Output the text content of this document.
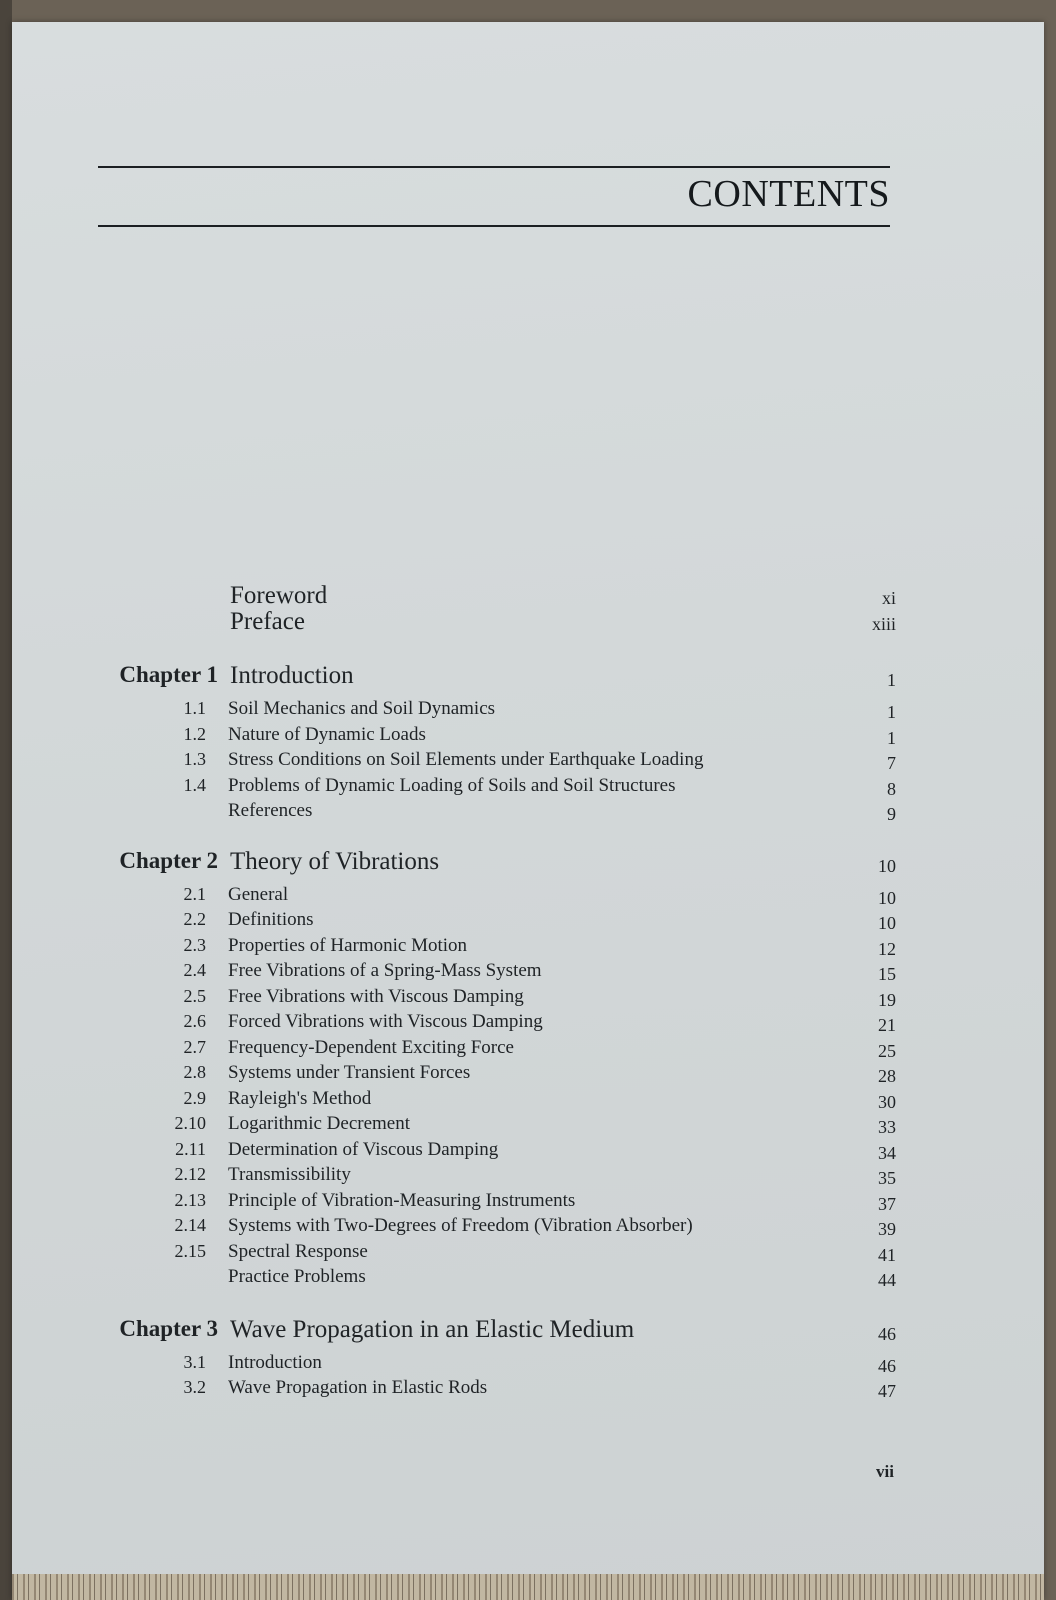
CONTENTS
Foreword	xi
Preface	xiii
Chapter 1 Introduction	1
1.1 Soil Mechanics and Soil Dynamics	1
1.2 Nature of Dynamic Loads	1
1.3 Stress Conditions on Soil Elements under Earthquake Loading	7
1.4 Problems of Dynamic Loading of Soils and Soil Structures	8
References	9
Chapter 2 Theory of Vibrations	10
2.1 General	10
2.2 Definitions	10
2.3 Properties of Harmonic Motion	12
2.4 Free Vibrations of a Spring-Mass System	15
2.5 Free Vibrations with Viscous Damping	19
2.6 Forced Vibrations with Viscous Damping	21
2.7 Frequency-Dependent Exciting Force	25
2.8 Systems under Transient Forces	28
2.9 Rayleigh's Method	30
2.10 Logarithmic Decrement	33
2.11 Determination of Viscous Damping	34
2.12 Transmissibility	35
2.13 Principle of Vibration-Measuring Instruments	37
2.14 Systems with Two-Degrees of Freedom (Vibration Absorber)	39
2.15 Spectral Response	41
Practice Problems	44
Chapter 3 Wave Propagation in an Elastic Medium	46
3.1 Introduction	46
3.2 Wave Propagation in Elastic Rods	47
vii
